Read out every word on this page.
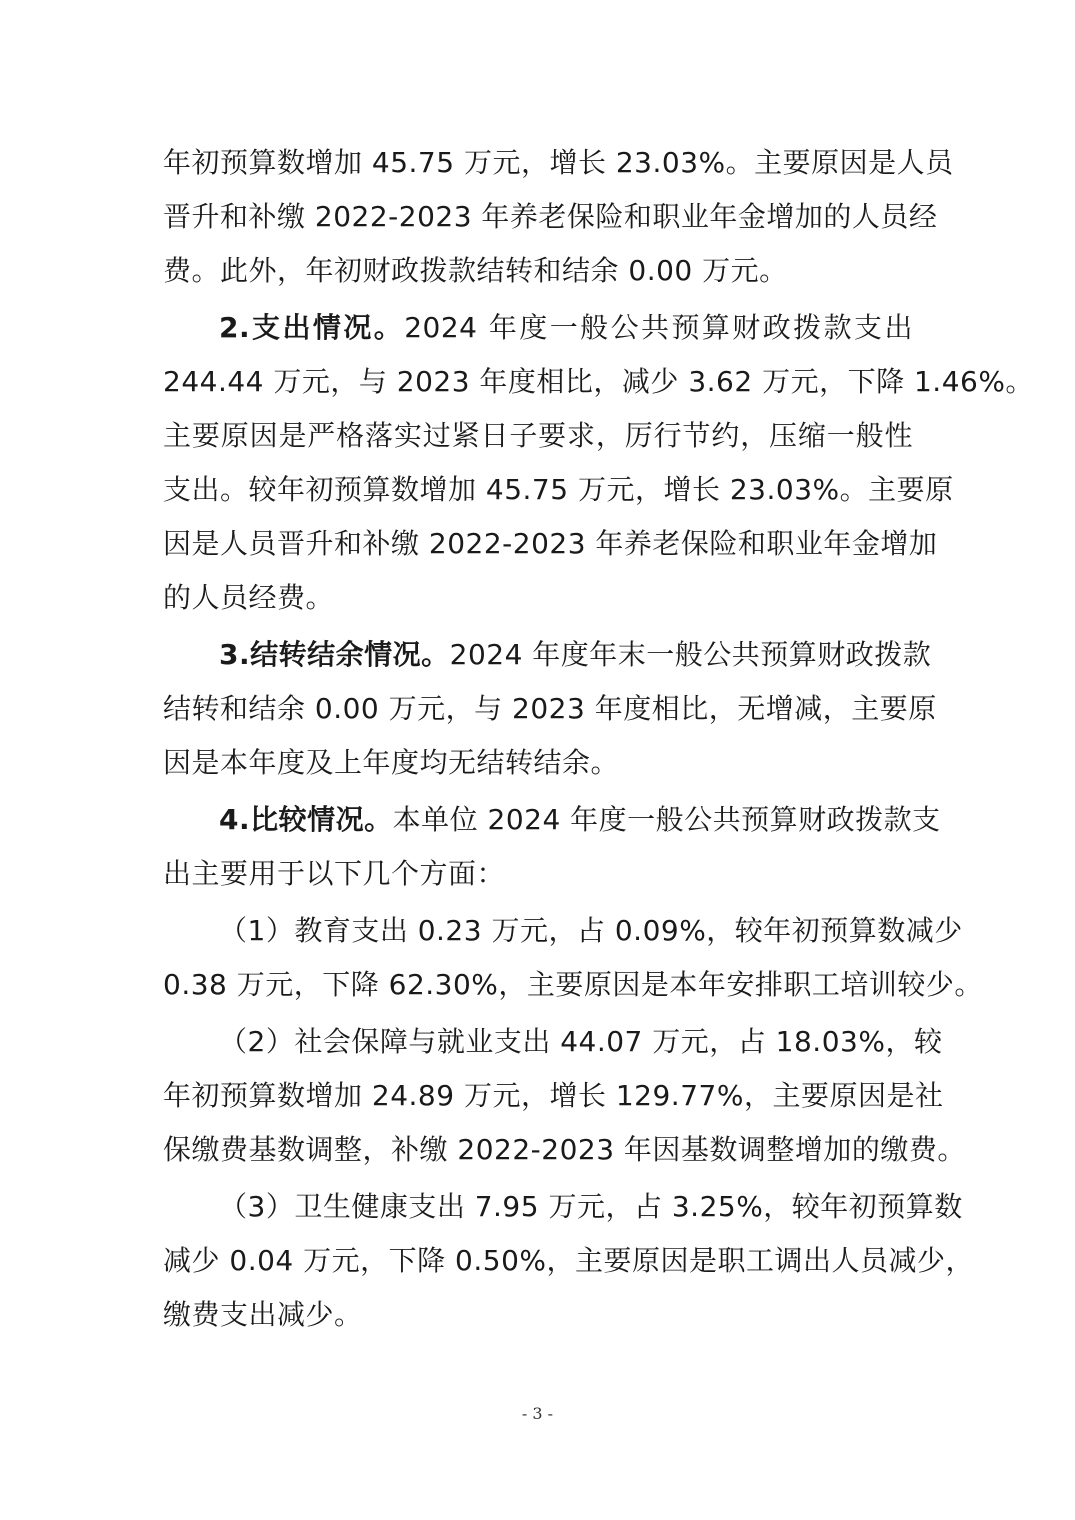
年初预算数增加 45.75 万元，增长 23.03%。主要原因是人员
晋升和补缴 2022-2023 年养老保险和职业年金增加的人员经
费。此外，年初财政拨款结转和结余 0.00 万元。
2.支出情况。2024 年度一般公共预算财政拨款支出
244.44 万元，与 2023 年度相比，减少 3.62 万元，下降 1.46%。
主要原因是严格落实过紧日子要求，厉行节约，压缩一般性
支出。较年初预算数增加 45.75 万元，增长 23.03%。主要原
因是人员晋升和补缴 2022-2023 年养老保险和职业年金增加
的人员经费。
3.结转结余情况。2024 年度年末一般公共预算财政拨款
结转和结余 0.00 万元，与 2023 年度相比，无增减，主要原
因是本年度及上年度均无结转结余。
4.比较情况。本单位 2024 年度一般公共预算财政拨款支
出主要用于以下几个方面：
（1）教育支出 0.23 万元，占 0.09%，较年初预算数减少
0.38 万元，下降 62.30%，主要原因是本年安排职工培训较少。
（2）社会保障与就业支出 44.07 万元，占 18.03%，较
年初预算数增加 24.89 万元，增长 129.77%，主要原因是社
保缴费基数调整，补缴 2022-2023 年因基数调整增加的缴费。
（3）卫生健康支出 7.95 万元，占 3.25%，较年初预算数
减少 0.04 万元，下降 0.50%，主要原因是职工调出人员减少，
缴费支出减少。
- 3 -
